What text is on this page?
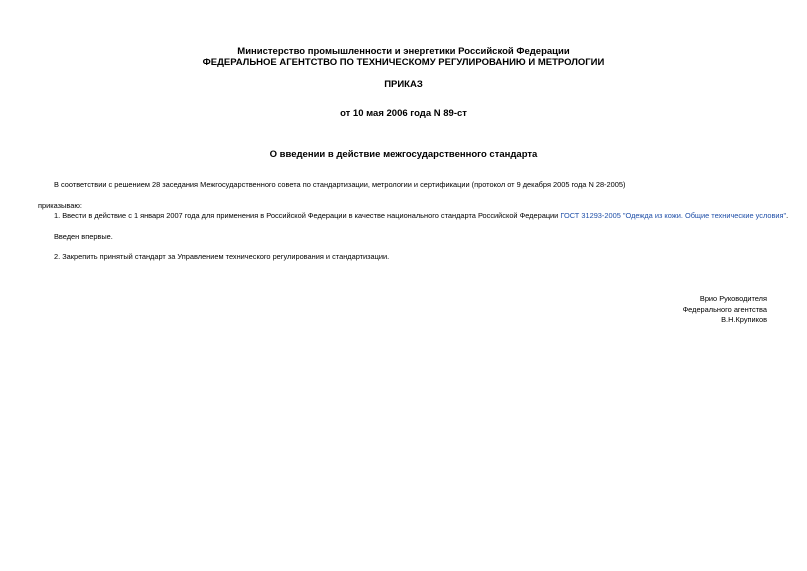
Министерство промышленности и энергетики Российской Федерации
ФЕДЕРАЛЬНОЕ АГЕНТСТВО ПО ТЕХНИЧЕСКОМУ РЕГУЛИРОВАНИЮ И МЕТРОЛОГИИ
ПРИКАЗ
от 10 мая 2006 года N 89-ст
О введении в действие межгосударственного стандарта
В соответствии с решением 28 заседания Межгосударственного совета по стандартизации, метрологии и сертификации (протокол от 9 декабря 2005 года N 28-2005)
приказываю:
1. Ввести в действие с 1 января 2007 года для применения в Российской Федерации в качестве национального стандарта Российской Федерации ГОСТ 31293-2005 "Одежда из кожи. Общие технические условия".
Введен впервые.
2. Закрепить принятый стандарт за Управлением технического регулирования и стандартизации.
Врио Руководителя
Федерального агентства
В.Н.Крупиков
